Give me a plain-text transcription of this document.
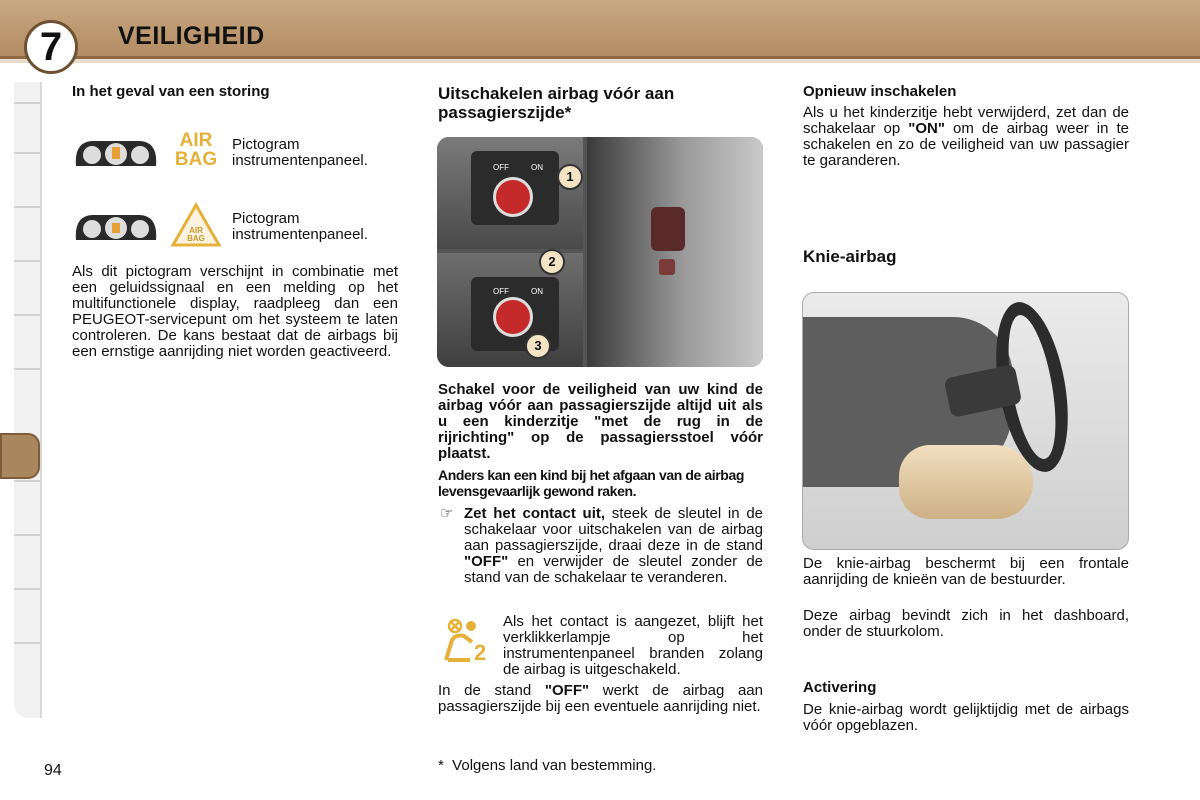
7	VEILIGHEID
In het geval van een storing
AIR
BAG
Pictogram instrumentenpaneel.
AIR
BAG
Pictogram instrumentenpaneel.
Als dit pictogram verschijnt in combinatie met een geluidssignaal en een melding op het multifunctionele display, raadpleeg dan een PEUGEOT-servicepunt om het systeem te laten controleren. De kans bestaat dat de airbags bij een ernstige aanrijding niet worden geactiveerd.
Uitschakelen airbag vóór aan passagierszijde*
OFF	ON
OFF	ON
1
2
3
Schakel voor de veiligheid van uw kind de airbag vóór aan passagierszijde altijd uit als u een kinderzitje "met de rug in de rijrichting" op de passagiersstoel vóór plaatst.
Anders kan een kind bij het afgaan van de airbag levensgevaarlijk gewond raken.
☞ Zet het contact uit, steek de sleutel in de schakelaar voor uitschakelen van de airbag aan passagierszijde, draai deze in de stand "OFF" en verwijder de sleutel zonder de stand van de schakelaar te veranderen.
2
Als het contact is aangezet, blijft het verklikkerlampje op het instrumentenpaneel branden zolang de airbag is uitgeschakeld.
In de stand "OFF" werkt de airbag aan passagierszijde bij een eventuele aanrijding niet.
*  Volgens land van bestemming.
Opnieuw inschakelen
Als u het kinderzitje hebt verwijderd, zet dan de schakelaar op "ON" om de airbag weer in te schakelen en zo de veiligheid van uw passagier te garanderen.
Knie-airbag
De knie-airbag beschermt bij een frontale aanrijding de knieën van de bestuurder.
Deze airbag bevindt zich in het dashboard, onder de stuurkolom.
Activering
De knie-airbag wordt gelijktijdig met de airbags vóór opgeblazen.
94
